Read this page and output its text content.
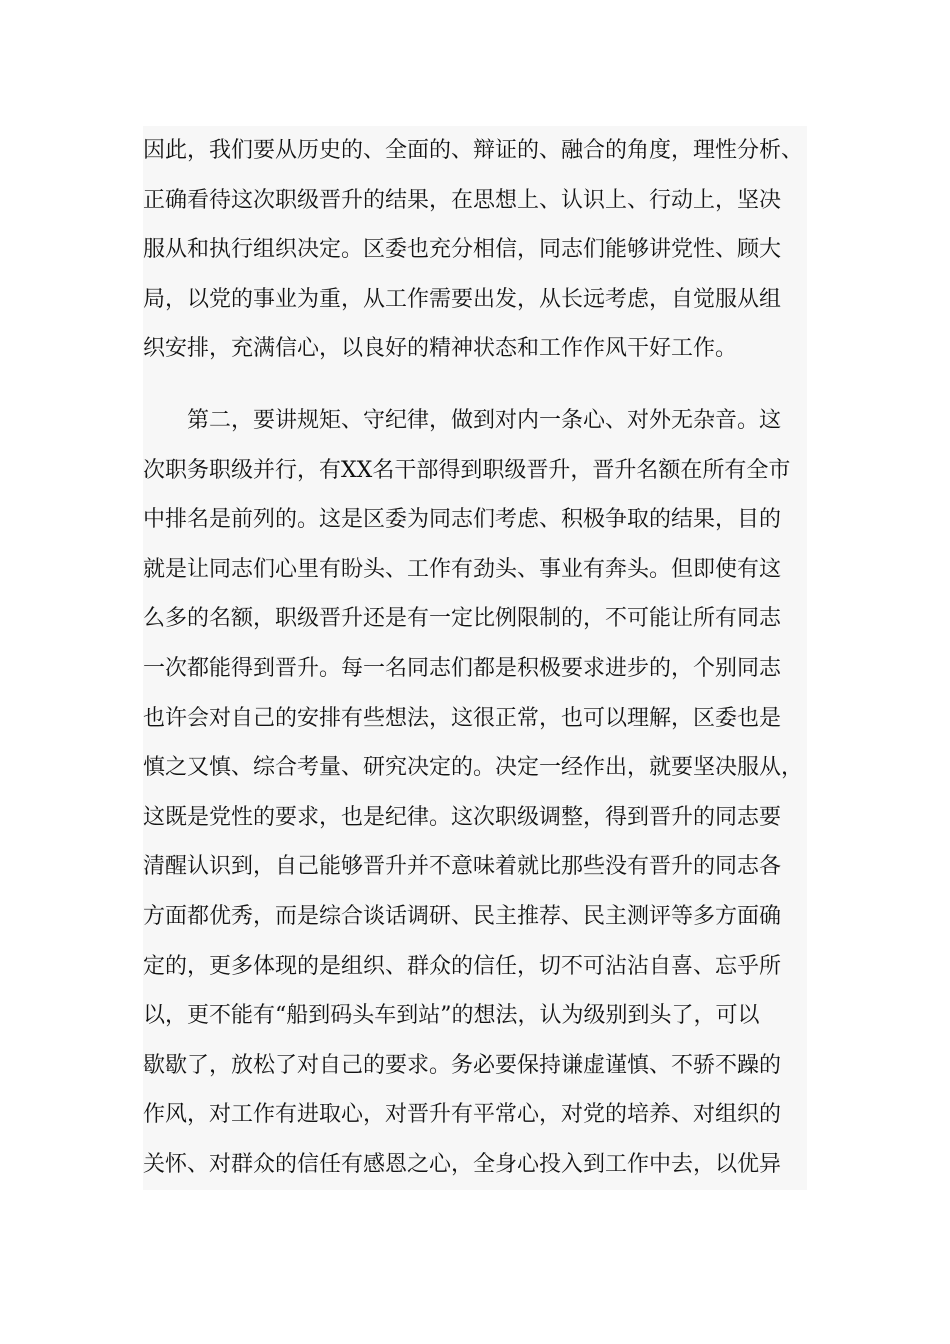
因此，我们要从历史的、全面的、辩证的、融合的角度，理性分析、
正确看待这次职级晋升的结果，在思想上、认识上、行动上，坚决
服从和执行组织决定。区委也充分相信，同志们能够讲党性、顾大
局，以党的事业为重，从工作需要出发，从长远考虑，自觉服从组
织安排，充满信心，以良好的精神状态和工作作风干好工作。
　　第二，要讲规矩、守纪律，做到对内一条心、对外无杂音。这
次职务职级并行，有XX名干部得到职级晋升，晋升名额在所有全市
中排名是前列的。这是区委为同志们考虑、积极争取的结果，目的
就是让同志们心里有盼头、工作有劲头、事业有奔头。但即使有这
么多的名额，职级晋升还是有一定比例限制的，不可能让所有同志
一次都能得到晋升。每一名同志们都是积极要求进步的，个别同志
也许会对自己的安排有些想法，这很正常，也可以理解，区委也是
慎之又慎、综合考量、研究决定的。决定一经作出，就要坚决服从，
这既是党性的要求，也是纪律。这次职级调整，得到晋升的同志要
清醒认识到，自己能够晋升并不意味着就比那些没有晋升的同志各
方面都优秀，而是综合谈话调研、民主推荐、民主测评等多方面确
定的，更多体现的是组织、群众的信任，切不可沾沾自喜、忘乎所
以，更不能有“船到码头车到站”的想法，认为级别到头了，可以
歇歇了，放松了对自己的要求。务必要保持谦虚谨慎、不骄不躁的
作风，对工作有进取心，对晋升有平常心，对党的培养、对组织的
关怀、对群众的信任有感恩之心，全身心投入到工作中去，以优异
